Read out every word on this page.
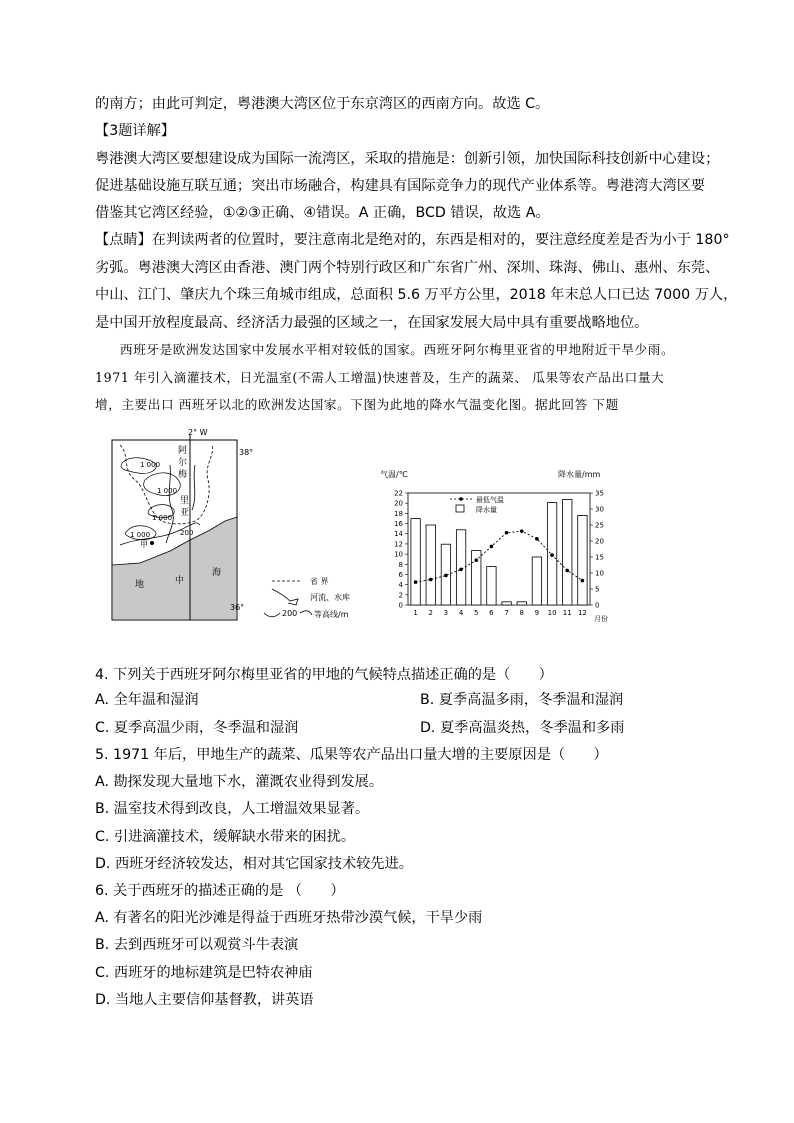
的南方；由此可判定，粤港澳大湾区位于东京湾区的西南方向。故选 C。
【3题详解】
粤港澳大湾区要想建设成为国际一流湾区，采取的措施是：创新引领，加快国际科技创新中心建设；
促进基础设施互联互通；突出市场融合，构建具有国际竞争力的现代产业体系等。粤港湾大湾区要
借鉴其它湾区经验，①②③正确、④错误。A 正确，BCD 错误，故选 A。
【点睛】在判读两者的位置时，要注意南北是绝对的，东西是相对的，要注意经度差是否为小于 180°
劣弧。粤港澳大湾区由香港、澳门两个特别行政区和广东省广州、深圳、珠海、佛山、惠州、东莞、
中山、江门、肇庆九个珠三角城市组成，总面积 5.6 万平方公里，2018 年末总人口已达 7000 万人，
是中国开放程度最高、经济活力最强的区域之一，在国家发展大局中具有重要战略地位。
西班牙是欧洲发达国家中发展水平相对较低的国家。西班牙阿尔梅里亚省的甲地附近干旱少雨。
1971 年引入滴灌技术，日光温室(不需人工增温)快速普及，生产的蔬菜、 瓜果等农产品出口量大
增，主要出口 西班牙以北的欧洲发达国家。下图为此地的降水气温变化图。据此回答 下题
2° W
38°
36°
1 000
1 000
1 000
1 000	200
阿
尔
梅
里
亚
甲
地	中
海
省 界
河流、水库
200 等高线/m
气温/℃	降水量/mm
月份
0
2
4
6
8
10
12
14
16
18
20
22
0
5
10
15
20
25
30
35
1 2 3 4 5 6 7 8 9 10 11 12
最低气温
降水量
4. 下列关于西班牙阿尔梅里亚省的甲地的气候特点描述正确的是（　　）
A. 全年温和湿润	B. 夏季高温多雨，冬季温和湿润
C. 夏季高温少雨，冬季温和湿润	D. 夏季高温炎热，冬季温和多雨
5. 1971 年后，甲地生产的蔬菜、瓜果等农产品出口量大增的主要原因是（　　）
A. 勘探发现大量地下水，灌溉农业得到发展。
B. 温室技术得到改良，人工增温效果显著。
C. 引进滴灌技术，缓解缺水带来的困扰。
D. 西班牙经济较发达，相对其它国家技术较先进。
6. 关于西班牙的描述正确的是 （　　）
A. 有著名的阳光沙滩是得益于西班牙热带沙漠气候，干旱少雨
B. 去到西班牙可以观赏斗牛表演
C. 西班牙的地标建筑是巴特农神庙
D. 当地人主要信仰基督教，讲英语
